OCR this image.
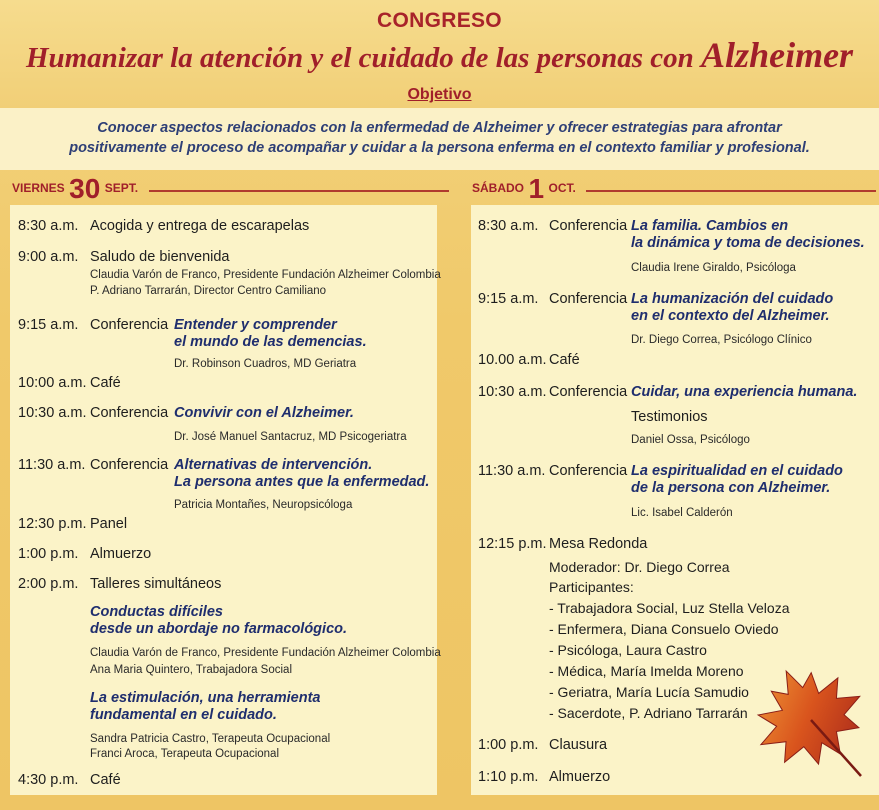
CONGRESO
Humanizar la atención y el cuidado de las personas con Alzheimer
Objetivo
Conocer aspectos relacionados con la enfermedad de Alzheimer y ofrecer estrategias para afrontar
positivamente el proceso de acompañar y cuidar a la persona enferma en el contexto familiar y profesional.
$^{VIERNES}$ 30 $^{SEPT.}$	$^{SÁBADO}$ 1 $^{OCT.}$
8:30 a.m. Acogida y entrega de escarapelas
9:00 a.m. Saludo de bienvenida
Claudia Varón de Franco, Presidente Fundación Alzheimer Colombia
P. Adriano Tarrarán, Director Centro Camiliano
9:15 a.m. Conferencia Entender y comprender
el mundo de las demencias.
Dr. Robinson Cuadros, MD Geriatra
10:00 a.m. Café
10:30 a.m. Conferencia Convivir con el Alzheimer.
Dr. José Manuel Santacruz, MD Psicogeriatra
11:30 a.m. Conferencia Alternativas de intervención.
La persona antes que la enfermedad.
Patricia Montañes, Neuropsicóloga
12:30 p.m. Panel
1:00 p.m. Almuerzo
2:00 p.m. Talleres simultáneos
Conductas difíciles
desde un abordaje no farmacológico.
Claudia Varón de Franco, Presidente Fundación Alzheimer Colombia
Ana Maria Quintero, Trabajadora Social
La estimulación, una herramienta
fundamental en el cuidado.
Sandra Patricia Castro, Terapeuta Ocupacional
Franci Aroca, Terapeuta Ocupacional
4:30 p.m. Café
8:30 a.m. Conferencia La familia. Cambios en
la dinámica y toma de decisiones.
Claudia Irene Giraldo, Psicóloga
9:15 a.m. Conferencia La humanización del cuidado
en el contexto del Alzheimer.
Dr. Diego Correa, Psicólogo Clínico
10.00 a.m. Café
10:30 a.m. Conferencia Cuidar, una experiencia humana.
Testimonios
Daniel Ossa, Psicólogo
11:30 a.m. Conferencia La espiritualidad en el cuidado
de la persona con Alzheimer.
Lic. Isabel Calderón
12:15 p.m. Mesa Redonda
Moderador: Dr. Diego Correa
Participantes:
- Trabajadora Social, Luz Stella Veloza
- Enfermera, Diana Consuelo Oviedo
- Psicóloga, Laura Castro
- Médica, María Imelda Moreno
- Geriatra, María Lucía Samudio
- Sacerdote, P. Adriano Tarrarán
1:00 p.m. Clausura
1:10 p.m. Almuerzo
